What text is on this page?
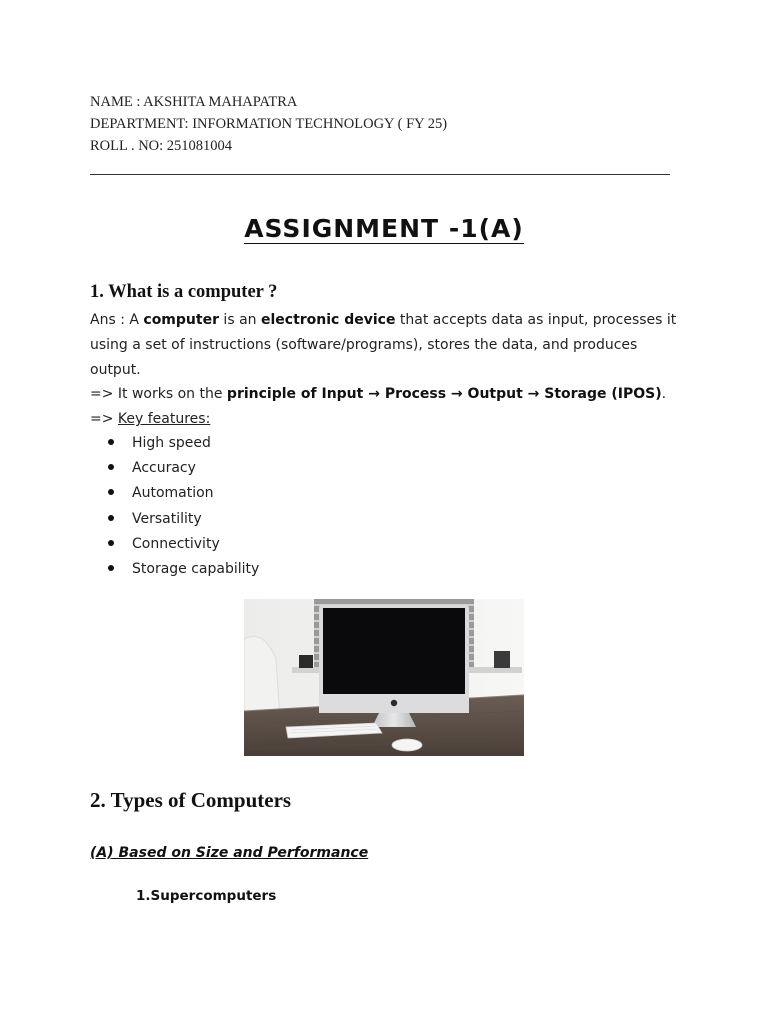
NAME : AKSHITA MAHAPATRA
DEPARTMENT: INFORMATION TECHNOLOGY ( FY 25)
ROLL . NO: 251081004
ASSIGNMENT -1(A)
1. What is a computer ?
Ans : A computer is an electronic device that accepts data as input, processes it using a set of instructions (software/programs), stores the data, and produces output.
=> It works on the principle of Input → Process → Output → Storage (IPOS).
=> Key features:
High speed
Accuracy
Automation
Versatility
Connectivity
Storage capability
2. Types of Computers
(A) Based on Size and Performance
1.Supercomputers
